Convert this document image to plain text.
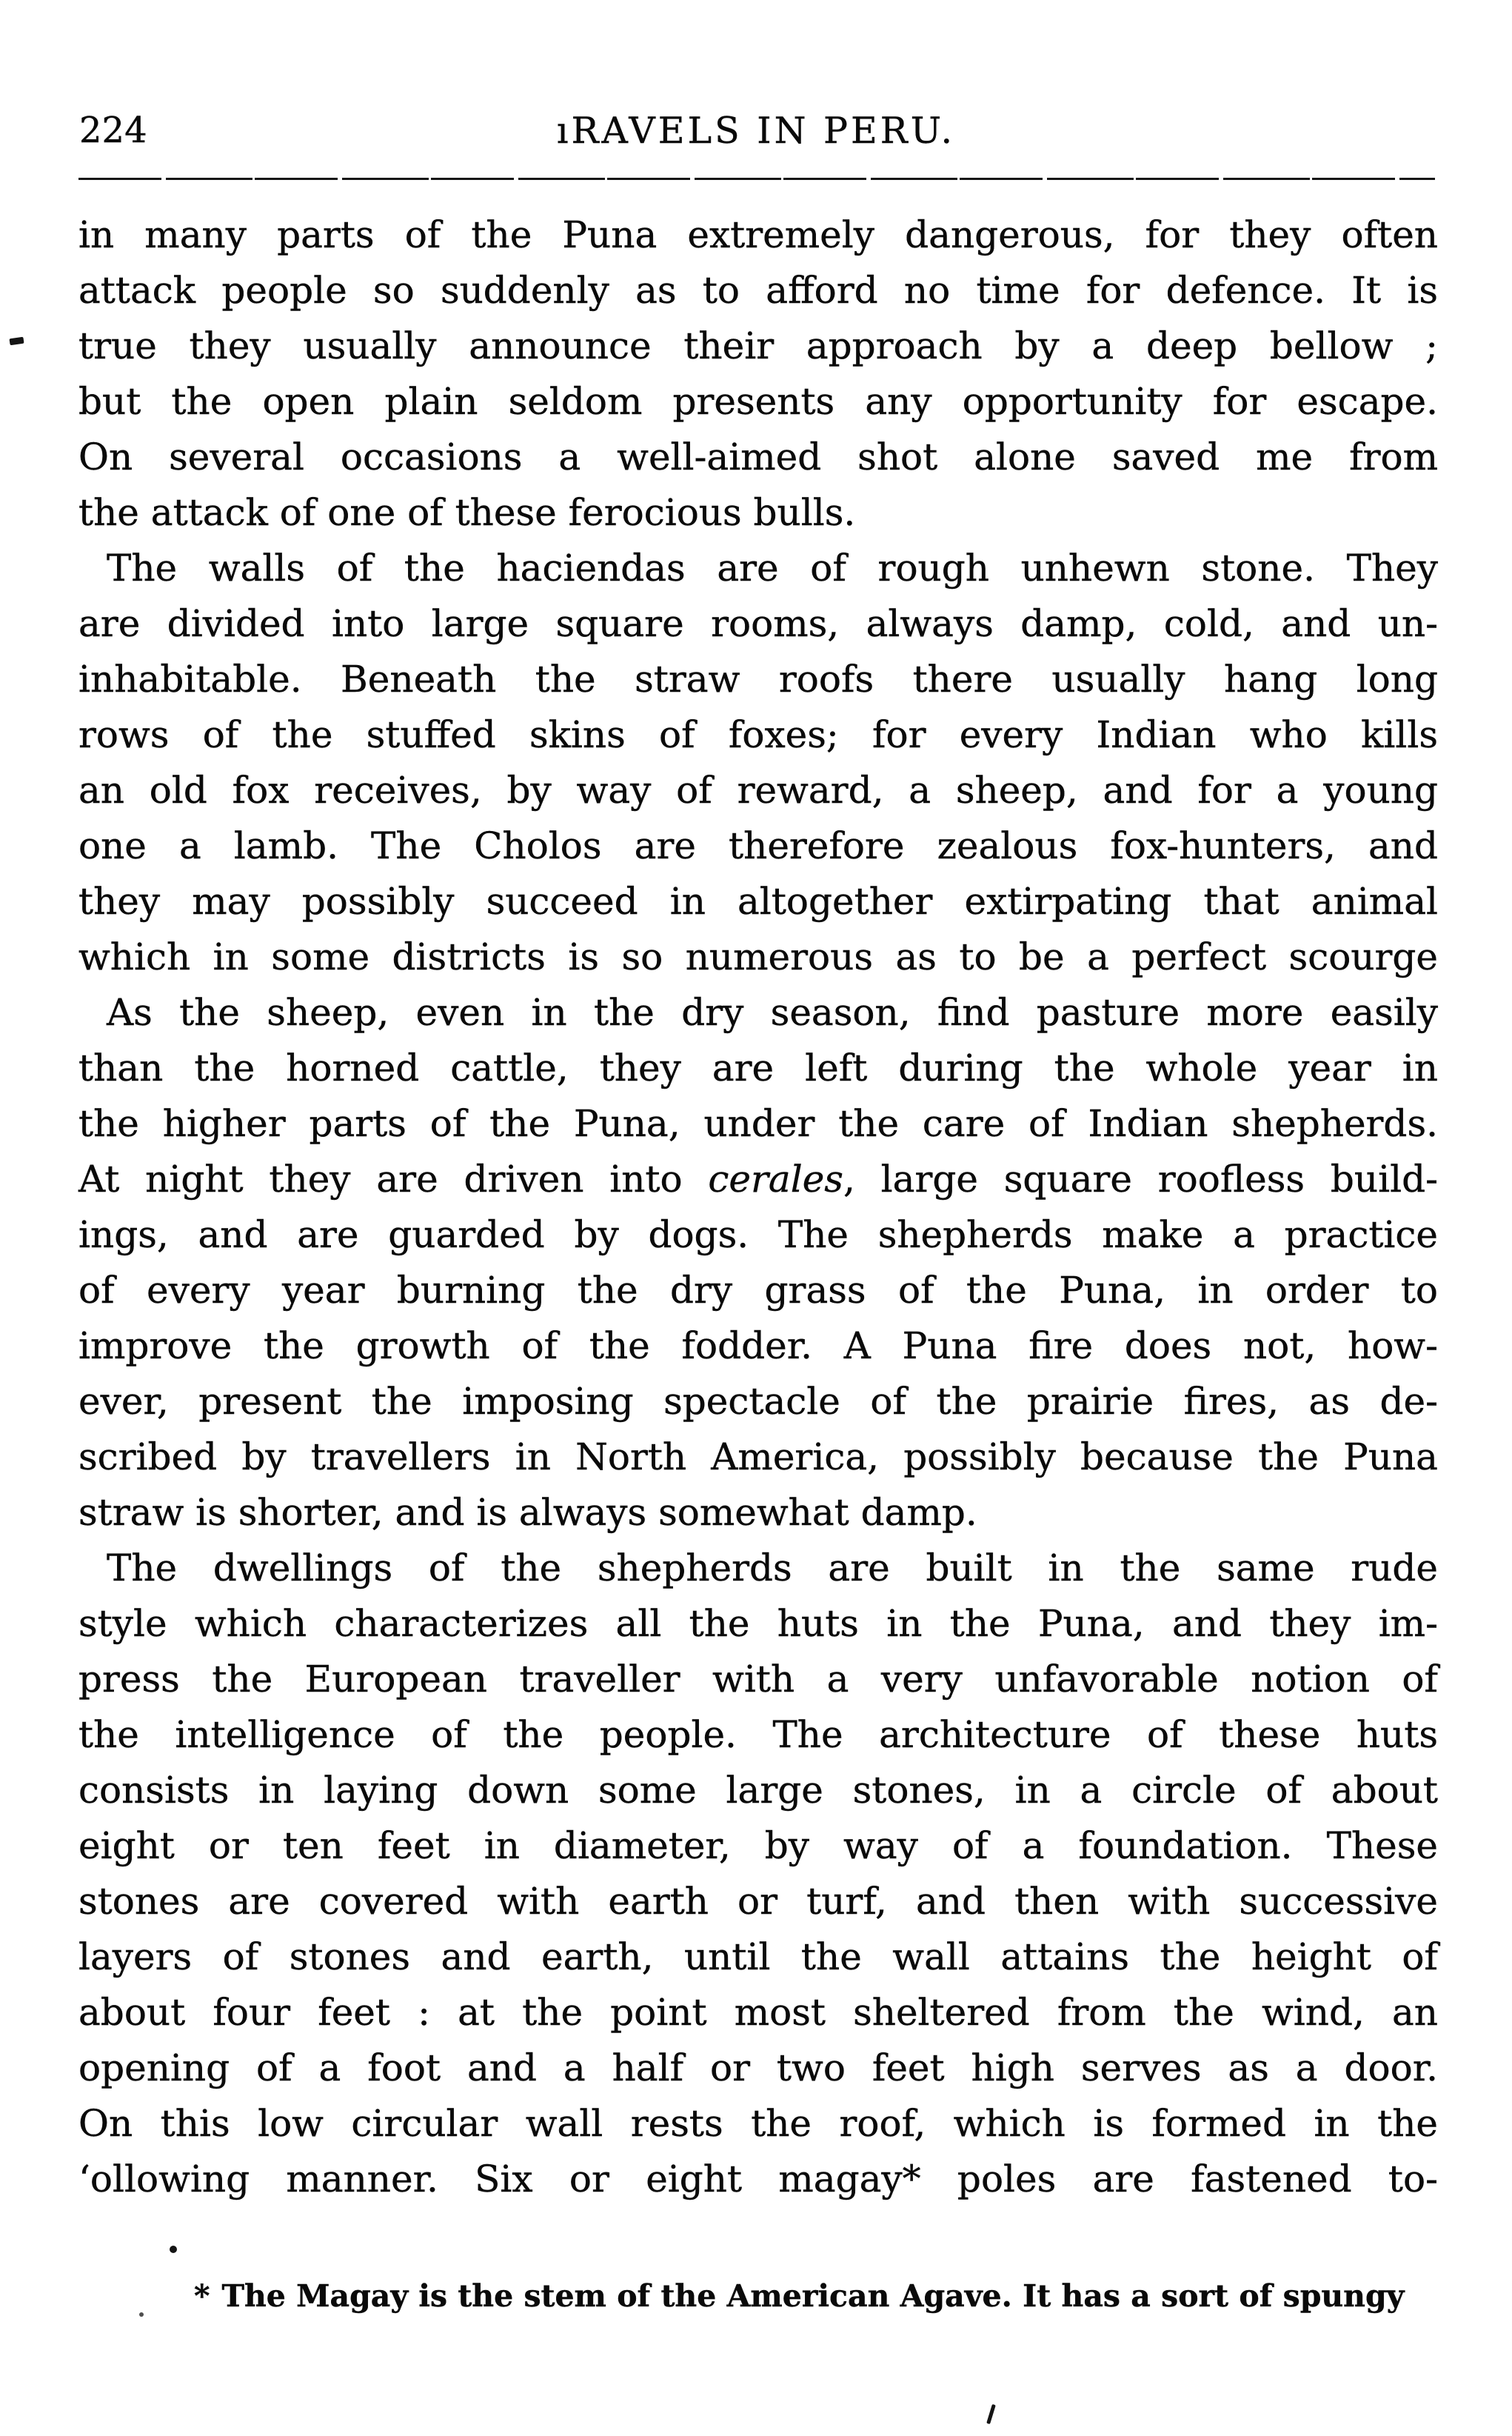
224	ıRAVELS IN PERU.
in many parts of the Puna extremely dangerous, for they often
attack people so suddenly as to afford no time for defence. It is
true they usually announce their approach by a deep bellow ;
but the open plain seldom presents any opportunity for escape.
On several occasions a well-aimed shot alone saved me from
the attack of one of these ferocious bulls.
The walls of the haciendas are of rough unhewn stone. They
are divided into large square rooms, always damp, cold, and un-
inhabitable. Beneath the straw roofs there usually hang long
rows of the stuffed skins of foxes; for every Indian who kills
an old fox receives, by way of reward, a sheep, and for a young
one a lamb. The Cholos are therefore zealous fox-hunters, and
they may possibly succeed in altogether extirpating that animal
which in some districts is so numerous as to be a perfect scourge
As the sheep, even in the dry season, find pasture more easily
than the horned cattle, they are left during the whole year in
the higher parts of the Puna, under the care of Indian shepherds.
At night they are driven into cerales, large square roofless build-
ings, and are guarded by dogs. The shepherds make a practice
of every year burning the dry grass of the Puna, in order to
improve the growth of the fodder. A Puna fire does not, how-
ever, present the imposing spectacle of the prairie fires, as de-
scribed by travellers in North America, possibly because the Puna
straw is shorter, and is always somewhat damp.
The dwellings of the shepherds are built in the same rude
style which characterizes all the huts in the Puna, and they im-
press the European traveller with a very unfavorable notion of
the intelligence of the people. The architecture of these huts
consists in laying down some large stones, in a circle of about
eight or ten feet in diameter, by way of a foundation. These
stones are covered with earth or turf, and then with successive
layers of stones and earth, until the wall attains the height of
about four feet : at the point most sheltered from the wind, an
opening of a foot and a half or two feet high serves as a door.
On this low circular wall rests the roof, which is formed in the
ʻollowing manner. Six or eight magay* poles are fastened to-
* The Magay is the stem of the American Agave. It has a sort of spungy
